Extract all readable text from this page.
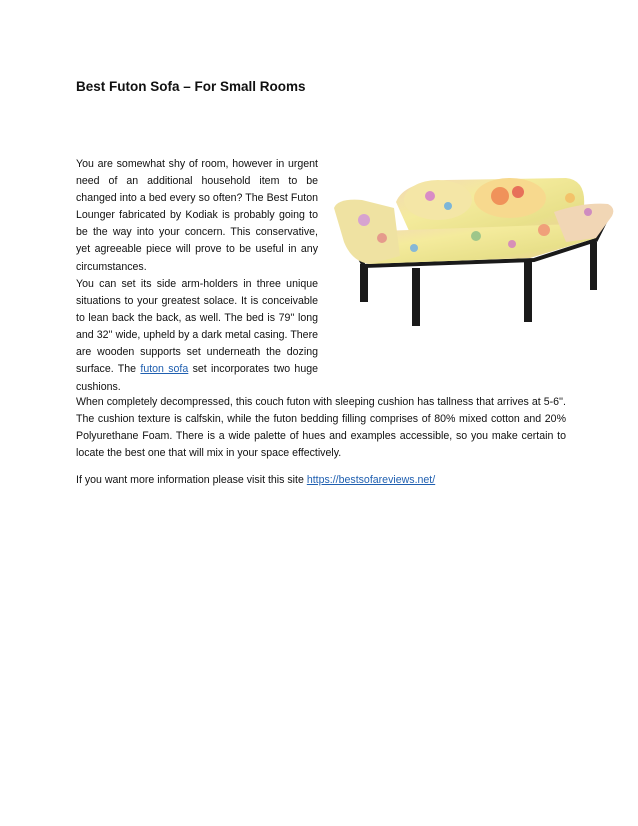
Best Futon Sofa – For Small Rooms

You are somewhat shy of room, however in urgent need of an additional household item to be changed into a bed every so often? The Best Futon Lounger fabricated by Kodiak is probably going to be the way into your concern. This conservative, yet agreeable piece will prove to be useful in any circumstances.

You can set its side arm-holders in three unique situations to your greatest solace. It is conceivable to lean back the back, as well. The bed is 79'' long and 32'' wide, upheld by a dark metal casing. There are wooden supports set underneath the dozing surface. The futon sofa set incorporates two huge cushions.

When completely decompressed, this couch futon with sleeping cushion has tallness that arrives at 5-6''. The cushion texture is calfskin, while the futon bedding filling comprises of 80% mixed cotton and 20% Polyurethane Foam. There is a wide palette of hues and examples accessible, so you make certain to locate the best one that will mix in your space effectively.

If you want more information please visit this site https://bestsofareviews.net/
